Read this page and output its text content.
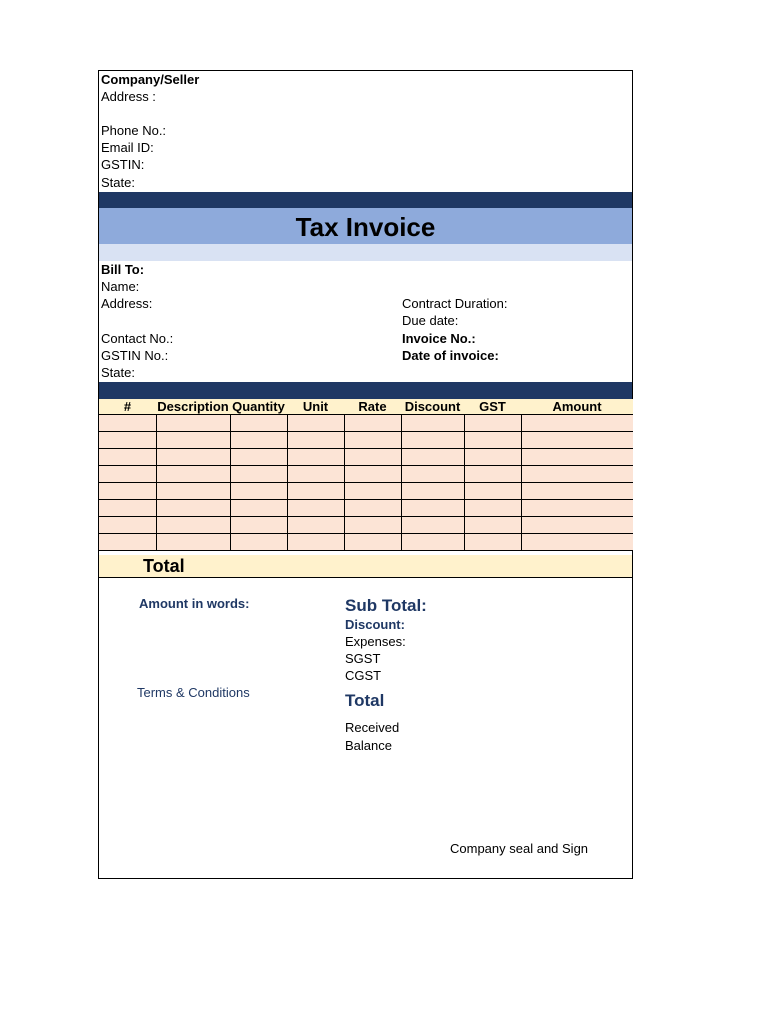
Company/Seller
Address :
Phone No.:
Email ID:
GSTIN:
State:
Tax Invoice
Bill To:
Name:
Address:
Contact No.:
GSTIN No.:
State:
Contract Duration:
Due date:
Invoice No.:
Date of invoice:
#	Description	Quantity	Unit	Rate	Discount	GST	Amount

Total
Amount in words:
Terms & Conditions
Sub Total:
Discount:
Expenses:
SGST
CGST
Total
Received
Balance
Company seal and Sign
